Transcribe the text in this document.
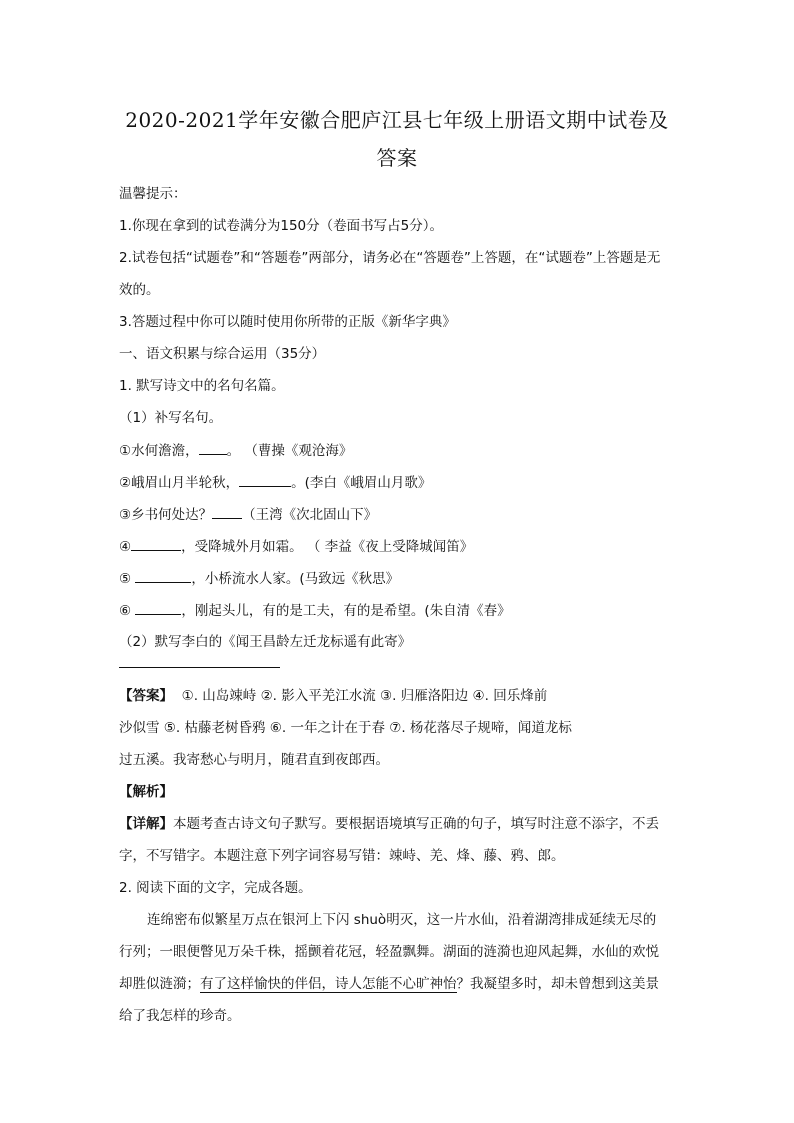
2020-2021学年安徽合肥庐江县七年级上册语文期中试卷及
答案
温馨提示：
1.你现在拿到的试卷满分为150分（卷面书写占5分）。
2.试卷包括“试题卷”和“答题卷”两部分，请务必在“答题卷”上答题，在“试题卷”上答题是无
效的。
3.答题过程中你可以随时使用你所带的正版《新华字典》
一、语文积累与综合运用（35分）
1. 默写诗文中的名句名篇。
（1）补写名句。
①水何澹澹， 。 （曹操《观沧海》
②峨眉山月半轮秋，	。(李白《峨眉山月歌》
③乡书何处达？ （王湾《次北固山下》
④	，受降城外月如霜。 （ 李益《夜上受降城闻笛》
⑤	，小桥流水人家。(马致远《秋思》
⑥	，刚起头儿，有的是工夫，有的是希望。(朱自清《春》
（2）默写李白的《闻王昌龄左迁龙标遥有此寄》
【答案】 ①. 山岛竦峙 ②. 影入平羌江水流 ③. 归雁洛阳边 ④. 回乐烽前
沙似雪 ⑤. 枯藤老树昏鸦 ⑥. 一年之计在于春 ⑦. 杨花落尽子规啼，闻道龙标
过五溪。我寄愁心与明月，随君直到夜郎西。
【解析】
【详解】本题考查古诗文句子默写。要根据语境填写正确的句子，填写时注意不添字，不丢
字，不写错字。本题注意下列字词容易写错：竦峙、羌、烽、藤、鸦、郎。
2. 阅读下面的文字，完成各题。
连绵密布似繁星万点在银河上下闪 shuò明灭，这一片水仙，沿着湖湾排成延续无尽的
行列；一眼便瞥见万朵千株，摇颤着花冠，轻盈飘舞。湖面的涟漪也迎风起舞，水仙的欢悦
却胜似涟漪；有了这样愉快的伴侣，诗人怎能不心旷神怡？我凝望多时，却未曾想到这美景
给了我怎样的珍奇。
